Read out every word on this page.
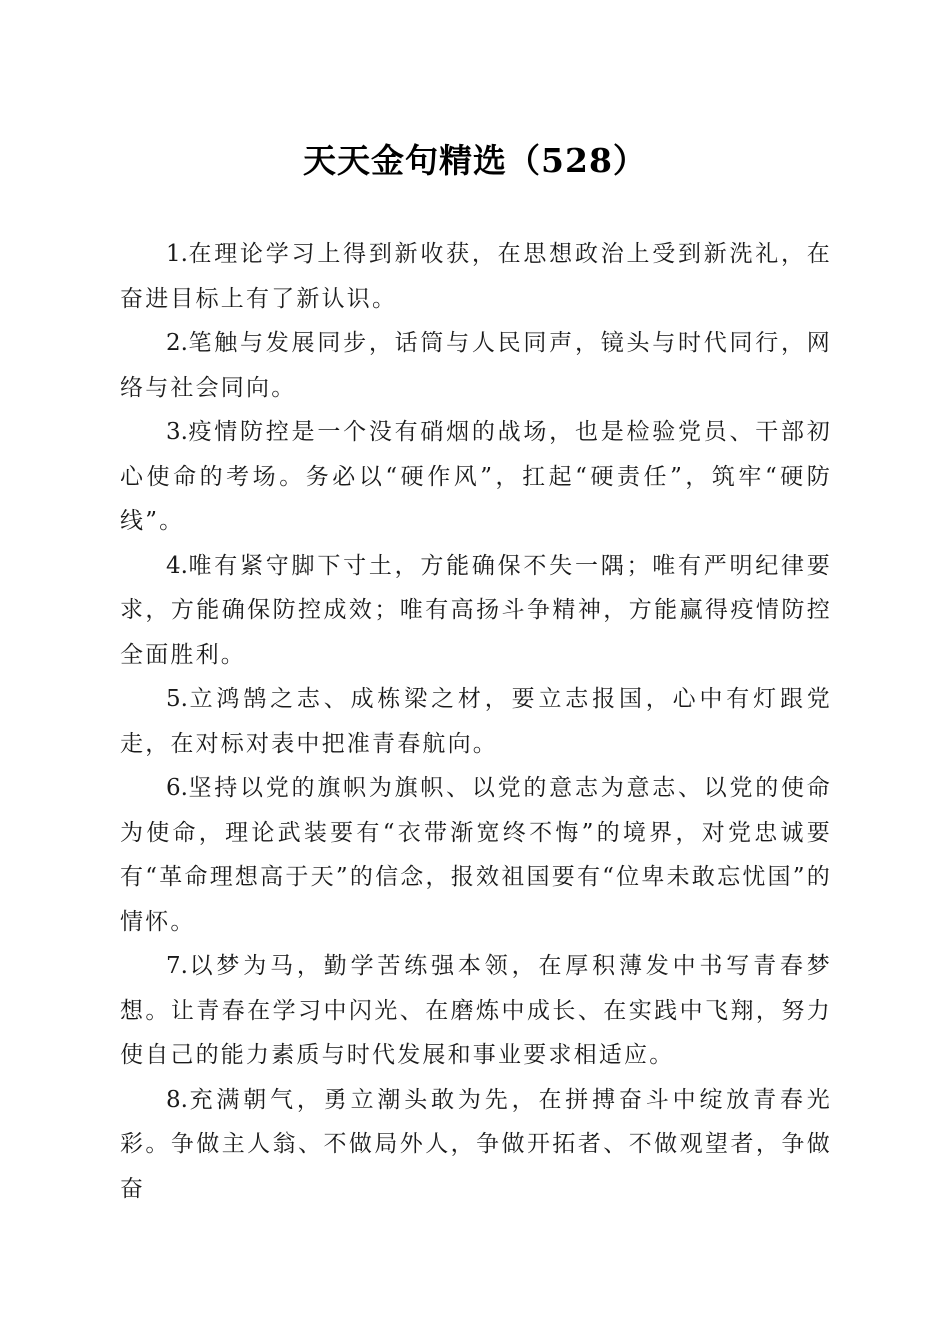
天天金句精选（528）

1.在理论学习上得到新收获，在思想政治上受到新洗礼，在奋进目标上有了新认识。

2.笔触与发展同步，话筒与人民同声，镜头与时代同行，网络与社会同向。

3.疫情防控是一个没有硝烟的战场，也是检验党员、干部初心使命的考场。务必以“硬作风”，扛起“硬责任”，筑牢“硬防线”。

4.唯有紧守脚下寸土，方能确保不失一隅；唯有严明纪律要求，方能确保防控成效；唯有高扬斗争精神，方能赢得疫情防控全面胜利。

5.立鸿鹄之志、成栋梁之材，要立志报国，心中有灯跟党走，在对标对表中把准青春航向。

6.坚持以党的旗帜为旗帜、以党的意志为意志、以党的使命为使命，理论武装要有“衣带渐宽终不悔”的境界，对党忠诚要有“革命理想高于天”的信念，报效祖国要有“位卑未敢忘忧国”的情怀。

7.以梦为马，勤学苦练强本领，在厚积薄发中书写青春梦想。让青春在学习中闪光、在磨炼中成长、在实践中飞翔，努力使自己的能力素质与时代发展和事业要求相适应。

8.充满朝气，勇立潮头敢为先，在拼搏奋斗中绽放青春光彩。争做主人翁、不做局外人，争做开拓者、不做观望者，争做奋
